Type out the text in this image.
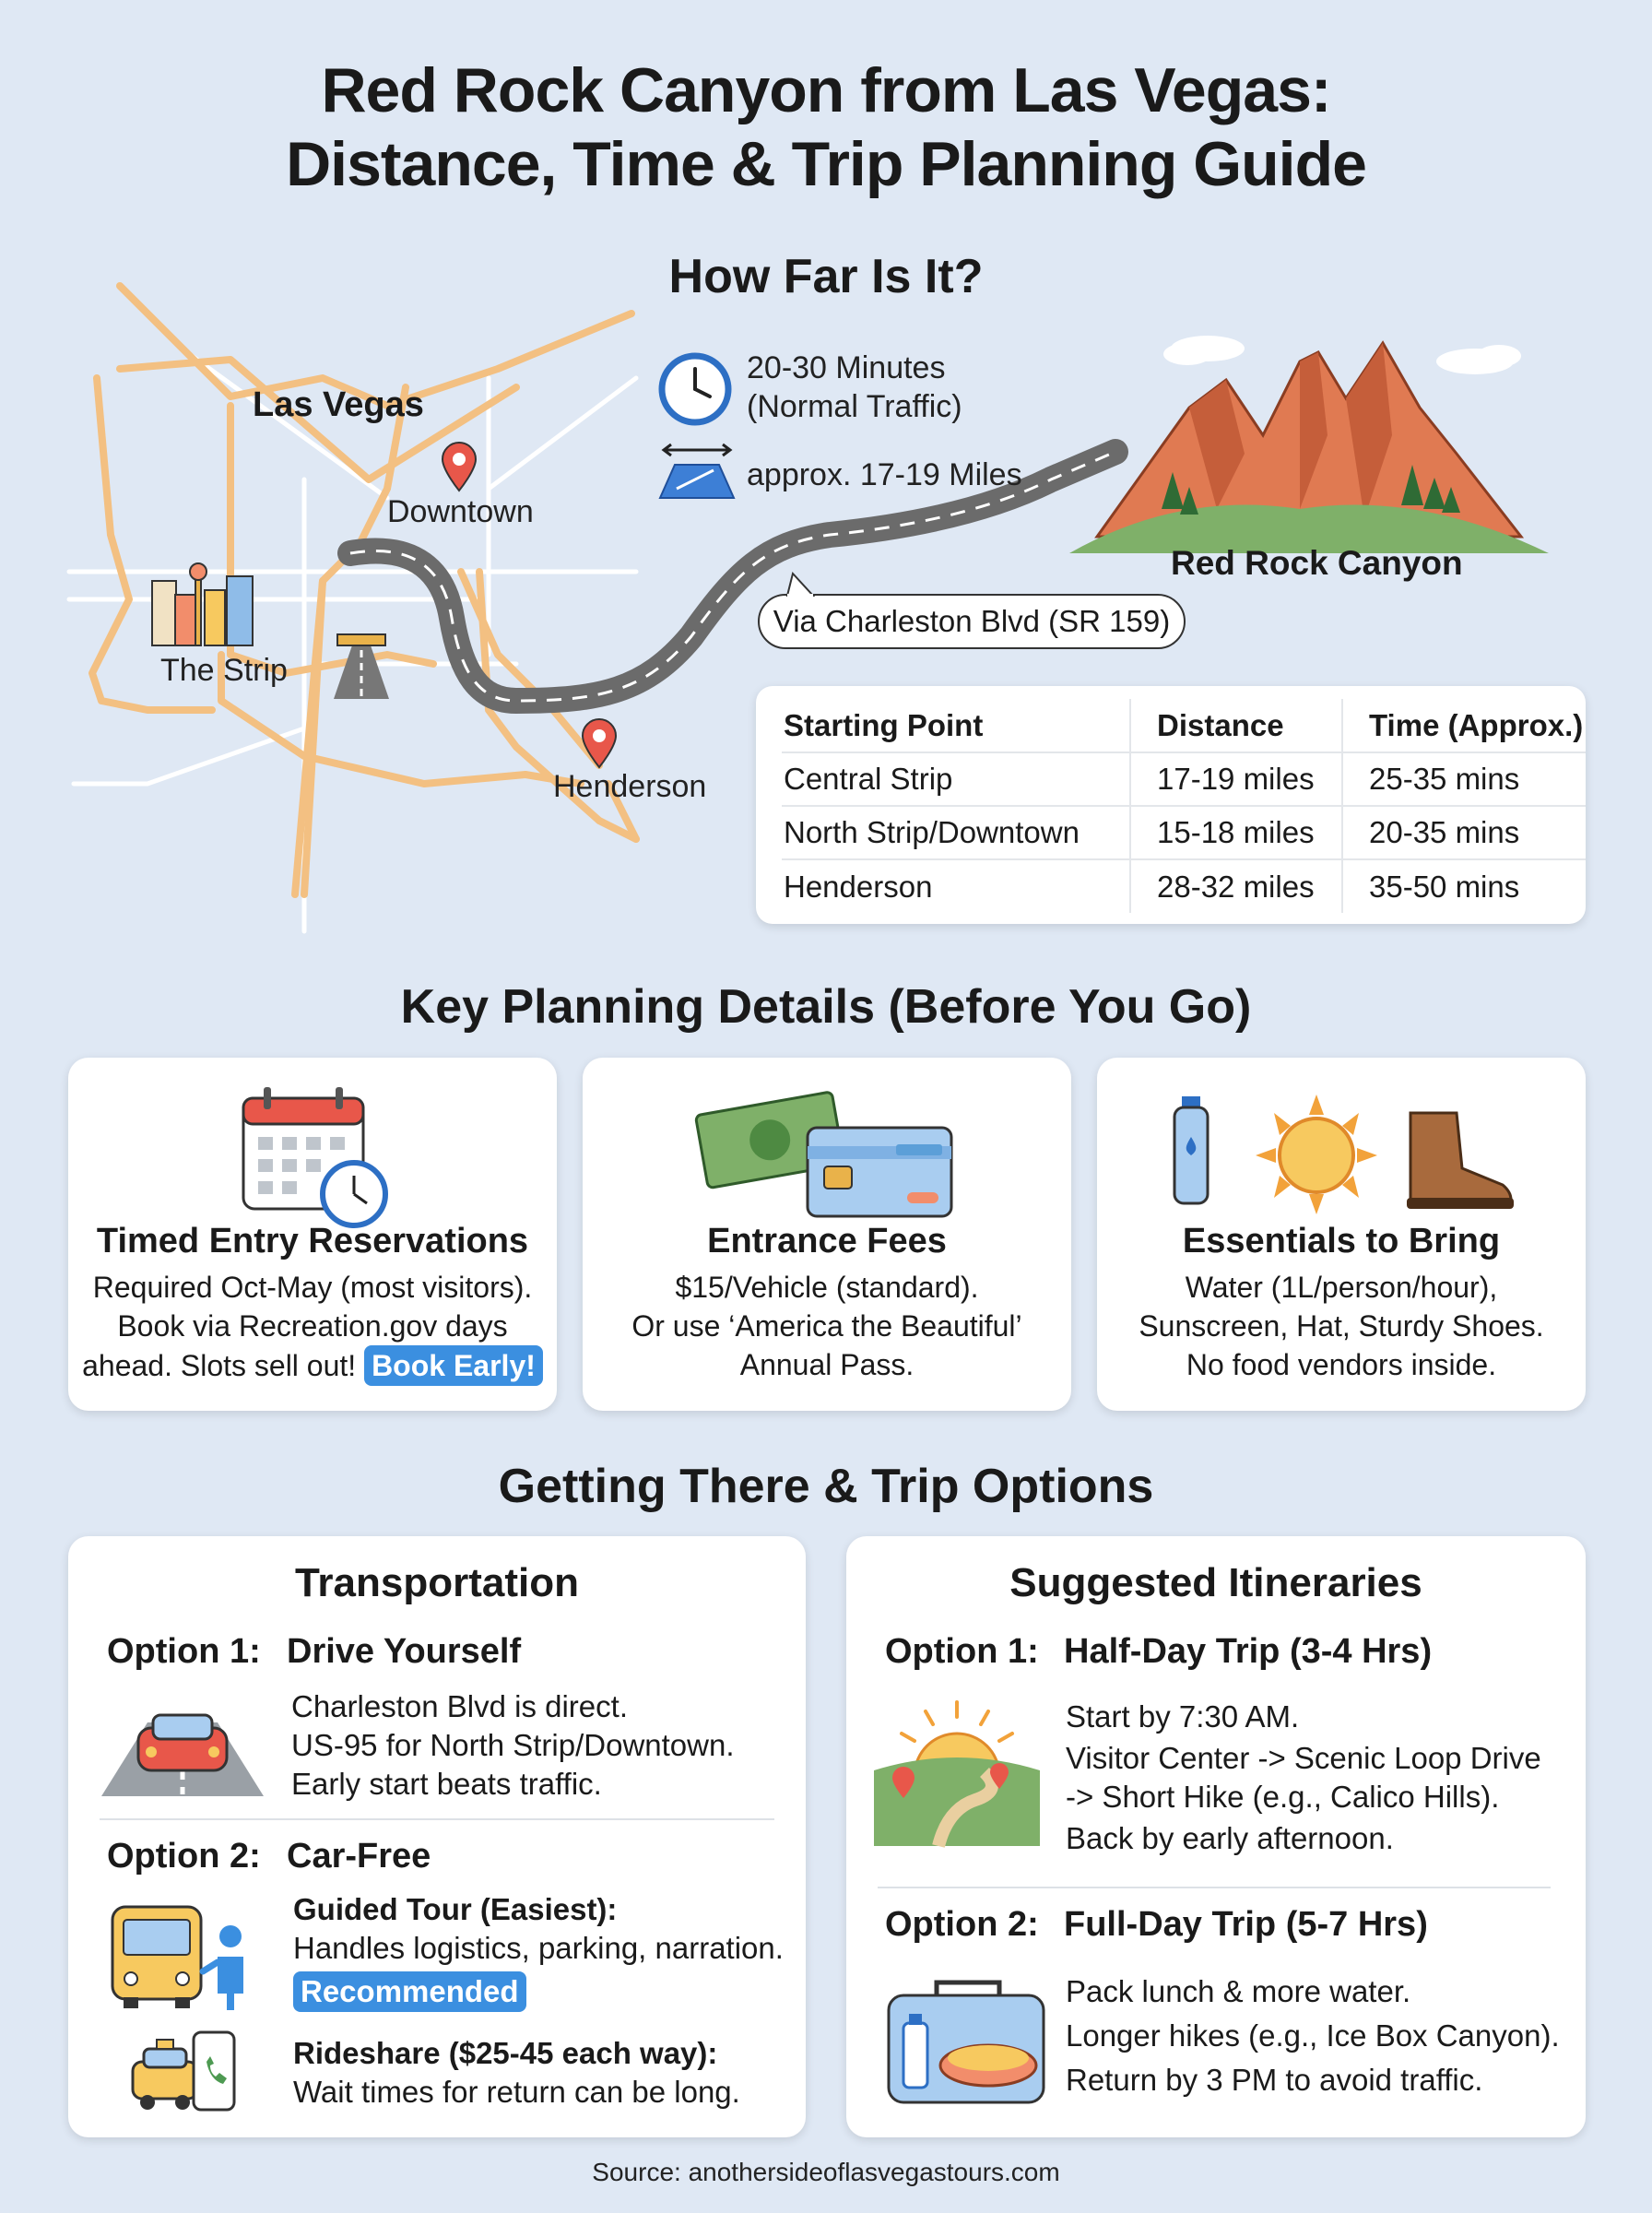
Red Rock Canyon from Las Vegas:
Distance, Time & Trip Planning Guide
How Far Is It?
Las Vegas
Downtown
The Strip
Henderson
20-30 Minutes
(Normal Traffic)
approx. 17-19 Miles
Red Rock Canyon
Via Charleston Blvd (SR 159)
Starting Point	Distance	Time (Approx.)
Central Strip	17-19 miles	25-35 mins
North Strip/Downtown	15-18 miles	20-35 mins
Henderson	28-32 miles	35-50 mins
Key Planning Details (Before You Go)
Timed Entry Reservations
Required Oct-May (most visitors).
Book via Recreation.gov days
ahead. Slots sell out! Book Early!
Entrance Fees
$15/Vehicle (standard).
Or use ‘America the Beautiful’
Annual Pass.
Essentials to Bring
Water (1L/person/hour),
Sunscreen, Hat, Sturdy Shoes.
No food vendors inside.
Getting There & Trip Options
Transportation
Option 1: Drive Yourself
Charleston Blvd is direct.
US-95 for North Strip/Downtown.
Early start beats traffic.
Option 2: Car-Free
Guided Tour (Easiest):
Handles logistics, parking, narration.
Recommended
Rideshare ($25-45 each way):
Wait times for return can be long.
Suggested Itineraries
Option 1: Half-Day Trip (3-4 Hrs)
Start by 7:30 AM.
Visitor Center -> Scenic Loop Drive
-> Short Hike (e.g., Calico Hills).
Back by early afternoon.
Option 2: Full-Day Trip (5-7 Hrs)
Pack lunch & more water.
Longer hikes (e.g., Ice Box Canyon).
Return by 3 PM to avoid traffic.
Source: anothersideoflasvegastours.com
